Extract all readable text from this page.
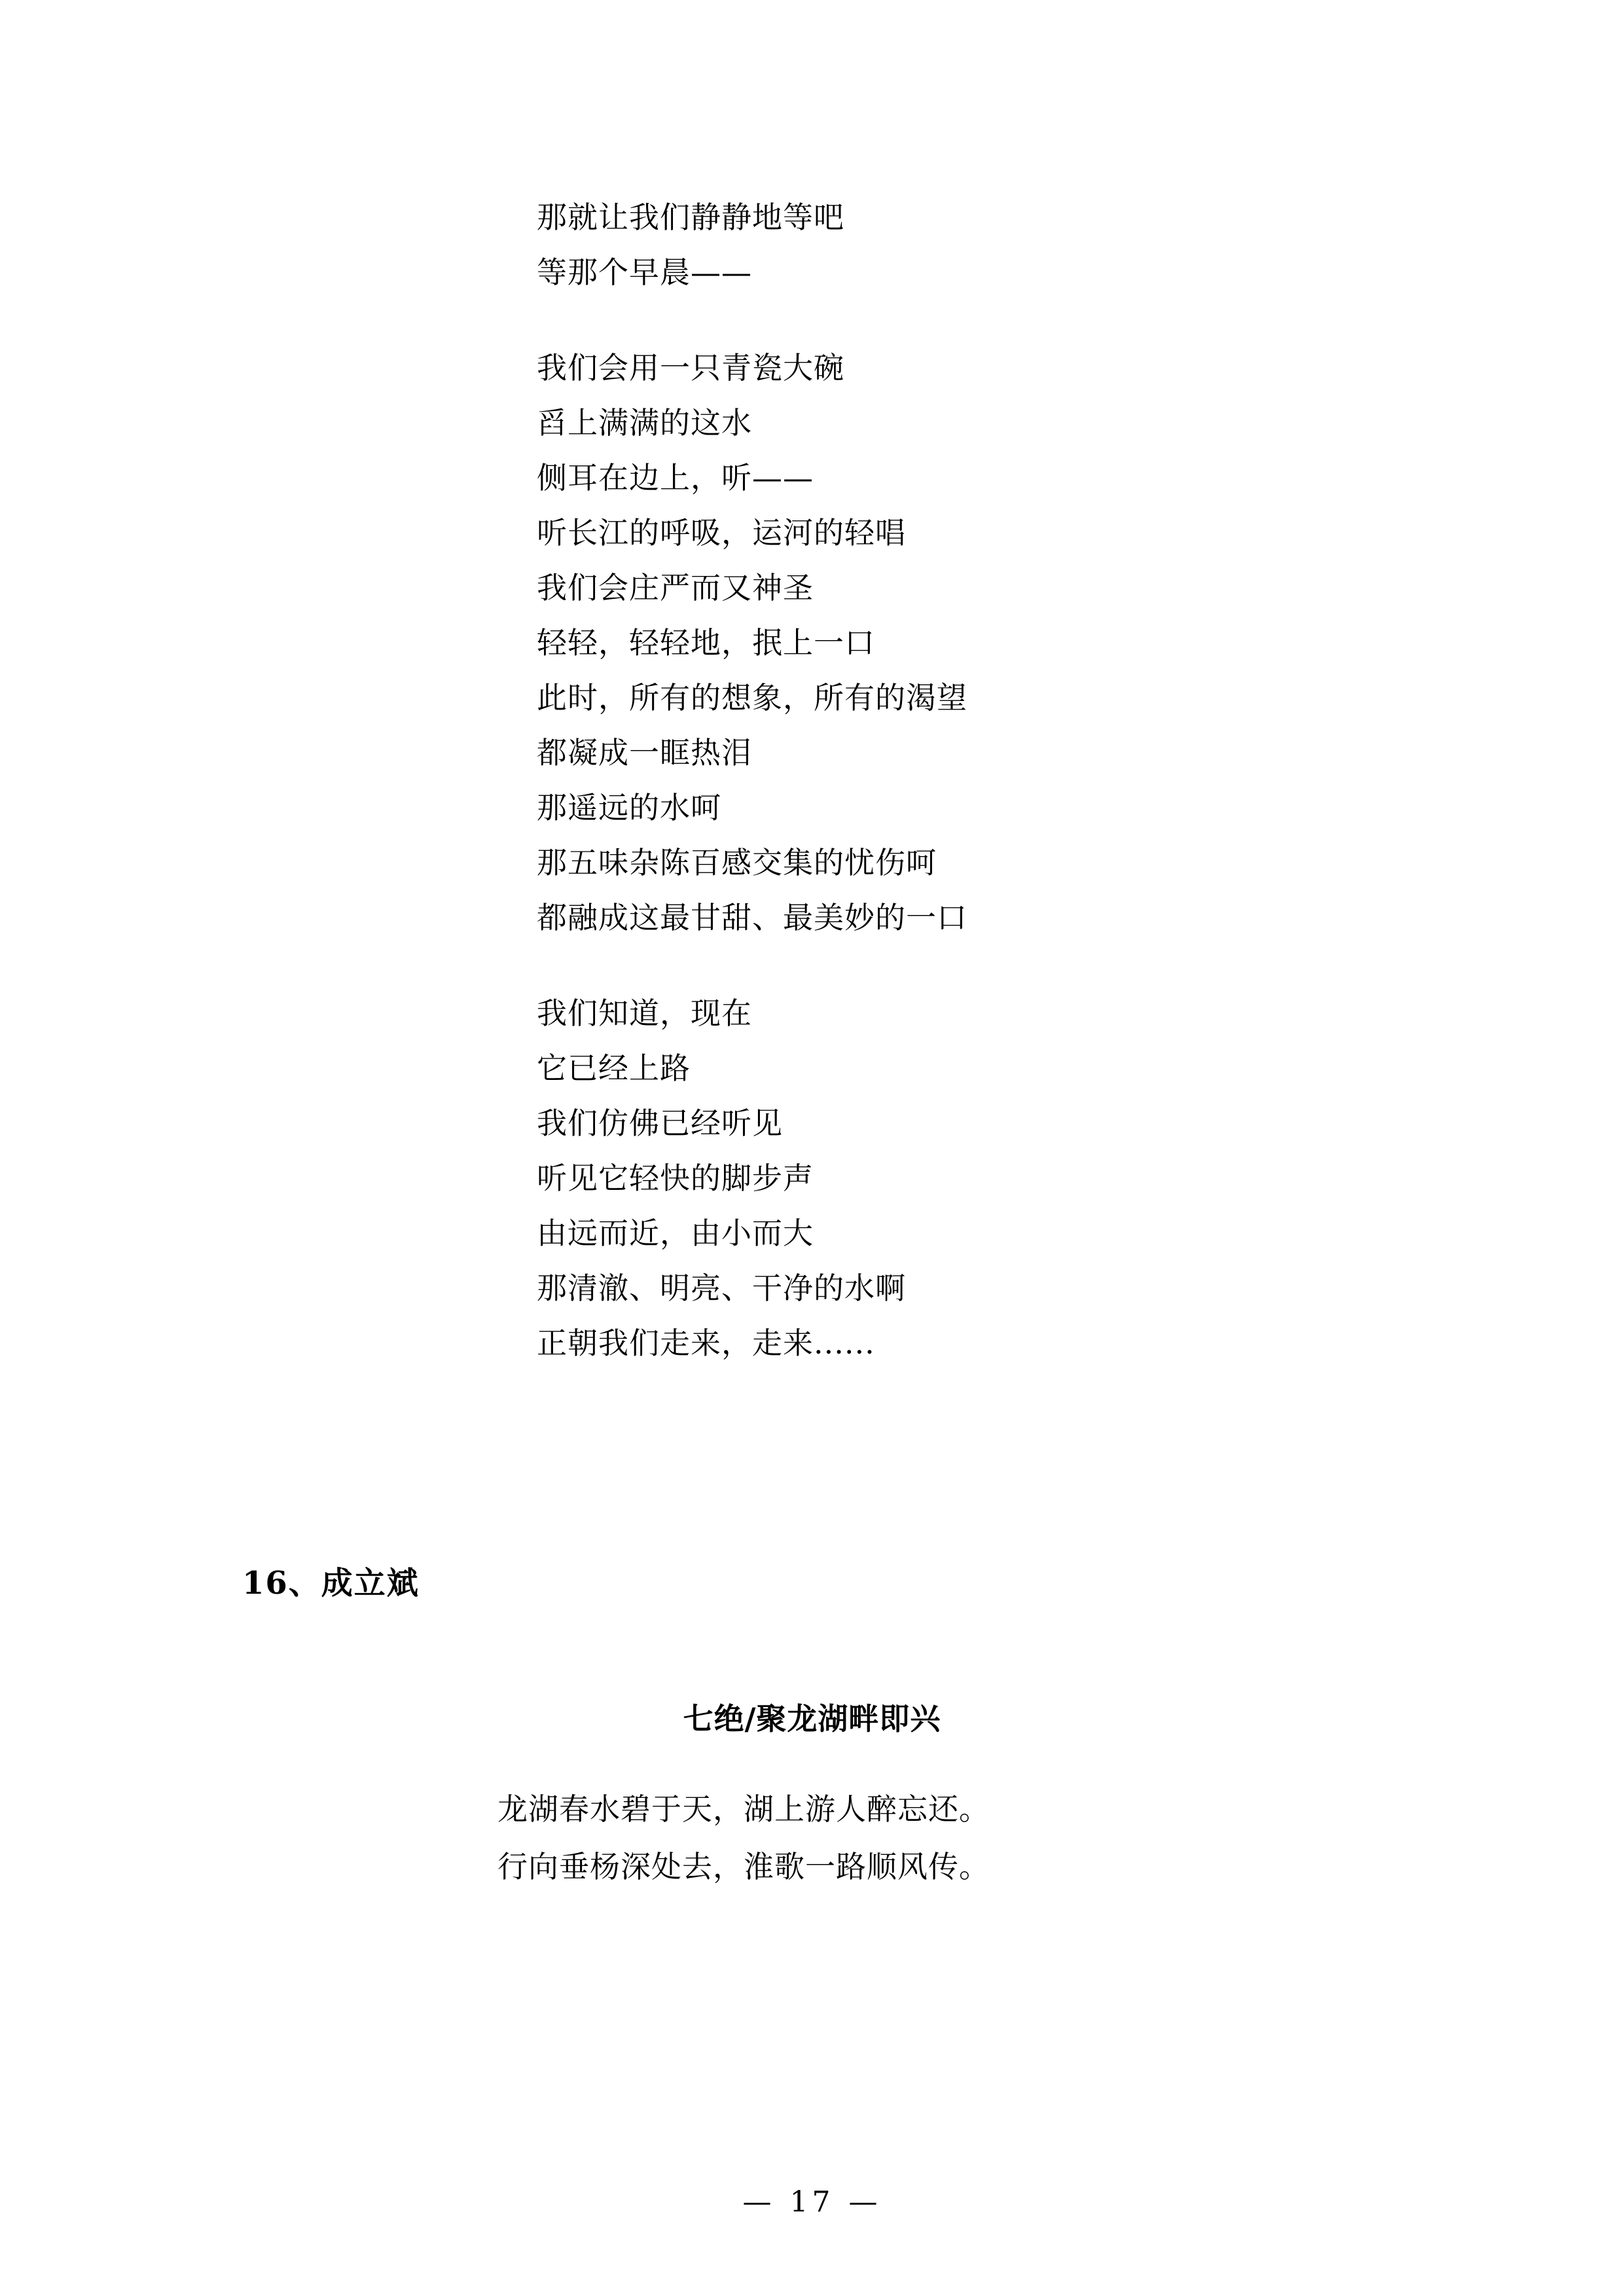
那就让我们静静地等吧
等那个早晨——
我们会用一只青瓷大碗
舀上满满的这水
侧耳在边上，听——
听长江的呼吸，运河的轻唱
我们会庄严而又神圣
轻轻，轻轻地，抿上一口
此时，所有的想象，所有的渴望
都凝成一眶热泪
那遥远的水呵
那五味杂陈百感交集的忧伤呵
都融成这最甘甜、最美妙的一口
我们知道，现在
它已经上路
我们仿佛已经听见
听见它轻快的脚步声
由远而近，由小而大
那清澈、明亮、干净的水啊
正朝我们走来，走来......
16、成立斌
七绝/聚龙湖畔即兴
龙湖春水碧于天，湖上游人醉忘还。
行向垂杨深处去，淮歌一路顺风传。
— 17 —
